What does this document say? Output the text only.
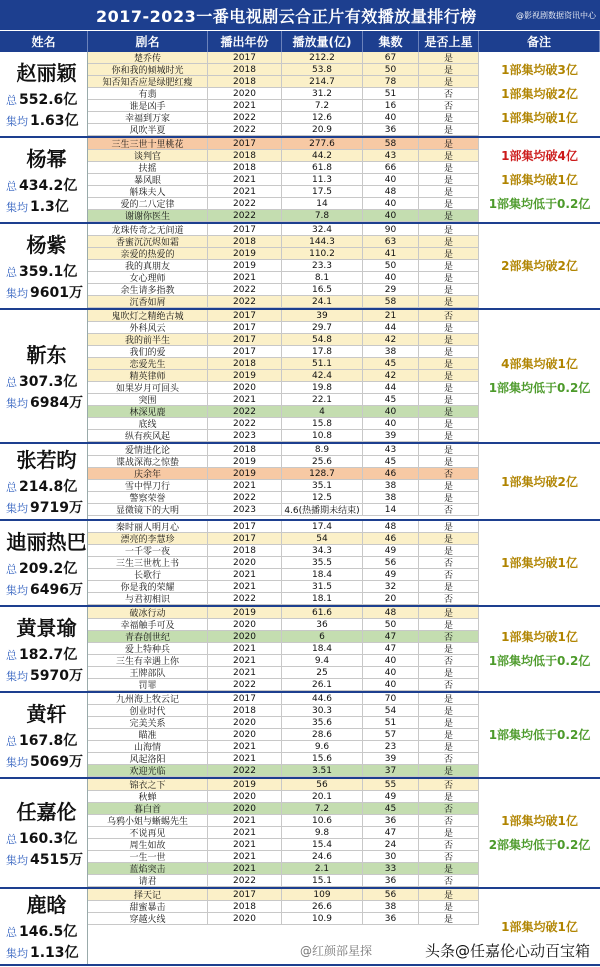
2017-2023一番电视剧云合正片有效播放量排行榜	@影视剧数据资讯中心
姓名	剧名	播出年份	播放量(亿)	集数	是否上星	备注
赵丽颖
总 552.6亿
集均 1.63亿
楚乔传	2017	212.2	67	是
你和我的倾城时光	2018	53.8	50	是
知否知否应是绿肥红瘦	2018	214.7	78	是
有翡	2020	31.2	51	否
谁是凶手	2021	7.2	16	否
幸福到万家	2022	12.6	40	是
风吹半夏	2022	20.9	36	是
1部集均破3亿
1部集均破2亿
1部集均破1亿
杨幂
总 434.2亿
集均 1.3亿
三生三世十里桃花	2017	277.6	58	是
谈判官	2018	44.2	43	是
扶摇	2018	61.8	66	是
暴风眼	2021	11.3	40	是
斛珠夫人	2021	17.5	48	是
爱的二八定律	2022	14	40	是
谢谢你医生	2022	7.8	40	是
1部集均破4亿
1部集均破1亿
1部集均低于0.2亿
杨紫
总 359.1亿
集均 9601万
龙珠传奇之无间道	2017	32.4	90	是
香蜜沉沉烬如霜	2018	144.3	63	是
亲爱的热爱的	2019	110.2	41	是
我的真朋友	2019	23.3	50	是
女心理师	2021	8.1	40	是
余生请多指教	2022	16.5	29	是
沉香如屑	2022	24.1	58	是
2部集均破2亿
靳东
总 307.3亿
集均 6984万
鬼吹灯之精绝古城	2017	39	21	否
外科风云	2017	29.7	44	是
我的前半生	2017	54.8	42	是
我们的爱	2017	17.8	38	是
恋爱先生	2018	51.1	45	是
精英律师	2019	42.4	42	是
如果岁月可回头	2020	19.8	44	是
突围	2021	22.1	45	是
林深见鹿	2022	4	40	是
底线	2022	15.8	40	是
纵有疾风起	2023	10.8	39	是
4部集均破1亿
1部集均低于0.2亿
张若昀
总 214.8亿
集均 9719万
爱情进化论	2018	8.9	43	是
谍战深海之惊蛰	2019	25.6	45	是
庆余年	2019	128.7	46	否
雪中悍刀行	2021	35.1	38	是
警察荣誉	2022	12.5	38	是
显微镜下的大明	2023	4.6(热播期未结束)	14	否
1部集均破2亿
迪丽热巴
总 209.2亿
集均 6496万
秦时丽人明月心	2017	17.4	48	是
漂亮的李慧珍	2017	54	46	是
一千零一夜	2018	34.3	49	是
三生三世枕上书	2020	35.5	56	否
长歌行	2021	18.4	49	否
你是我的荣耀	2021	31.5	32	是
与君初相识	2022	18.1	20	否
1部集均破1亿
黄景瑜
总 182.7亿
集均 5970万
破冰行动	2019	61.6	48	是
幸福触手可及	2020	36	50	是
青春创世纪	2020	6	47	否
爱上特种兵	2021	18.4	47	是
三生有幸遇上你	2021	9.4	40	否
王牌部队	2021	25	40	是
罚罪	2022	26.1	40	否
1部集均破1亿
1部集均低于0.2亿
黄轩
总 167.8亿
集均 5069万
九州海上牧云记	2017	44.6	70	是
创业时代	2018	30.3	54	是
完美关系	2020	35.6	51	是
瞄准	2020	28.6	57	是
山海情	2021	9.6	23	是
风起洛阳	2021	15.6	39	否
欢迎光临	2022	3.51	37	是
1部集均低于0.2亿
任嘉伦
总 160.3亿
集均 4515万
锦衣之下	2019	56	55	否
秋蝉	2020	20.1	49	是
暮白首	2020	7.2	45	否
乌鸦小姐与蜥蜴先生	2021	10.6	36	否
不说再见	2021	9.8	47	是
周生如故	2021	15.4	24	否
一生一世	2021	24.6	30	否
蓝焰突击	2021	2.1	33	是
请君	2022	15.1	36	否
1部集均破1亿
2部集均低于0.2亿
鹿晗
总 146.5亿
集均 1.13亿
择天记	2017	109	56	是
甜蜜暴击	2018	26.6	38	是
穿越火线	2020	10.9	36	是	1部集均破1亿
@红颜部星探	头条@任嘉伦心动百宝箱
